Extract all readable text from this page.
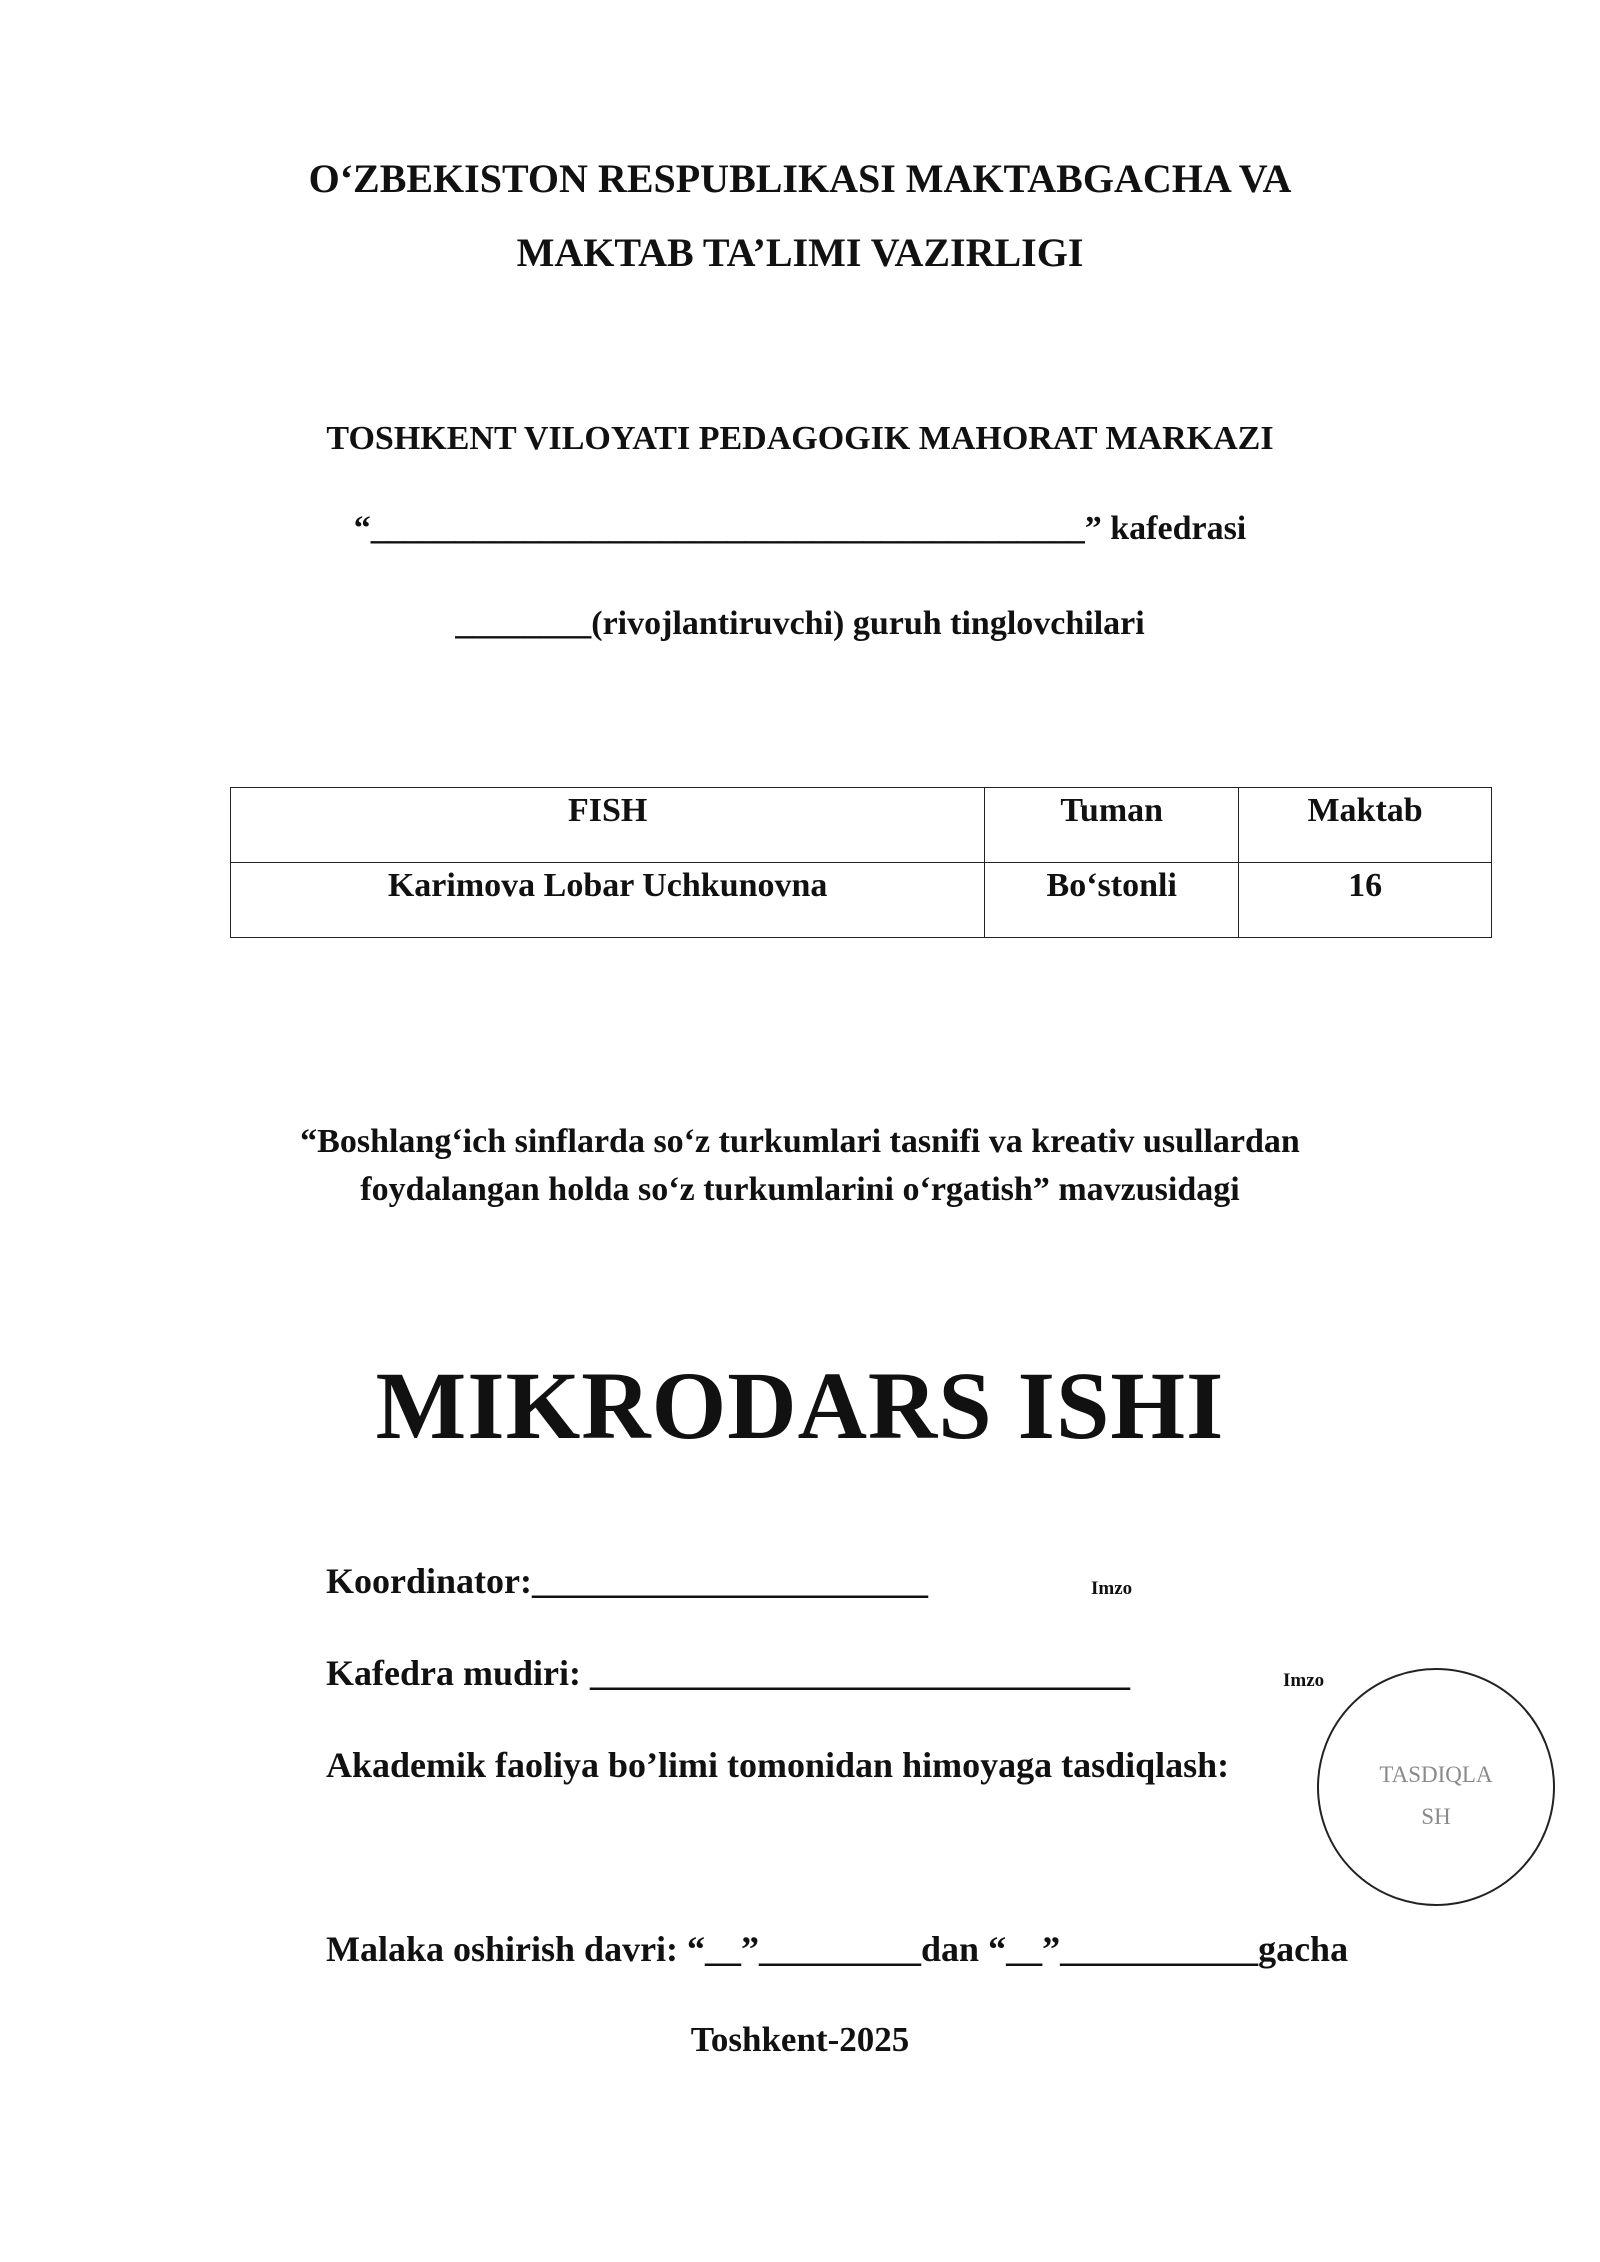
O‘ZBEKISTON RESPUBLIKASI MAKTABGACHA VA
MAKTAB TA’LIMI VAZIRLIGI
TOSHKENT VILOYATI PEDAGOGIK MAHORAT MARKAZI
“__________________________________________” kafedrasi
________(rivojlantiruvchi) guruh tinglovchilari
FISH	Tuman	Maktab
Karimova Lobar Uchkunovna	Bo‘stonli	16
“Boshlang‘ich sinflarda so‘z turkumlari tasnifi va kreativ usullardan
foydalangan holda so‘z turkumlarini o‘rgatish” mavzusidagi
MIKRODARS ISHI
Koordinator:______________________	Imzo
Kafedra mudiri: ______________________________	Imzo
Akademik faoliya bo’limi tomonidan himoyaga tasdiqlash:	TASDIQLA
SH
Malaka oshirish davri: “__”_________dan “__”___________gacha
Toshkent-2025
